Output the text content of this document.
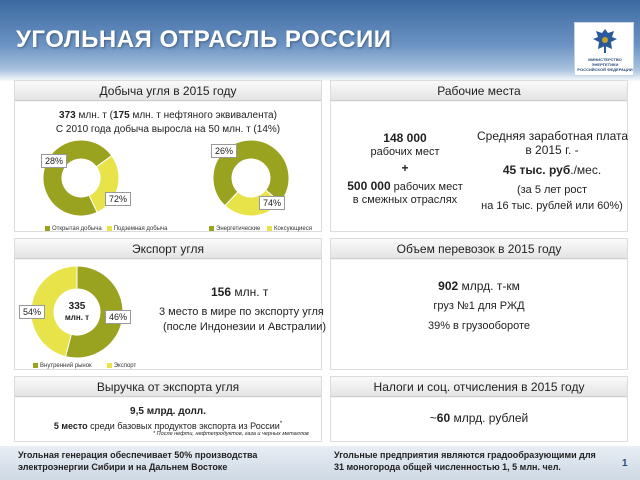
УГОЛЬНАЯ ОТРАСЛЬ РОССИИ
МИНИСТЕРСТВО ЭНЕРГЕТИКИ
РОССИЙСКОЙ ФЕДЕРАЦИИ
Добыча угля в 2015 году
373 млн. т (175 млн. т нефтяного эквивалента)
С 2010 года добыча выросла на 50 млн. т (14%)
28%
72%
Открытая добыча Подземная добыча
26%
74%
Энергетические Коксующиеся
Рабочие места
148 000
рабочих мест
+
500 000 рабочих мест
в смежных отраслях
Средняя заработная плата
в 2015 г. -
45 тыс. руб./мес.
(за 5 лет рост
на 16 тыс. рублей или 60%)
Экспорт угля
335
млн. т
54%	46%
Внутренний рынок	Экспорт
156 млн. т
3 место в мире по экспорту угля
(после Индонезии и Австралии)
Объем перевозок в 2015 году
902 млрд. т-км
груз №1 для РЖД
39% в грузообороте
Выручка от экспорта угля
9,5 млрд. долл.
5 место среди базовых продуктов экспорта из России*
* После нефти, нефтепродуктов, газа и черных металлов
Налоги и соц. отчисления в 2015 году
~60 млрд. рублей
Угольная генерация обеспечивает 50% производства
электроэнергии Сибири и на Дальнем Востоке
Угольные предприятия являются градообразующими для
31 моногорода общей численностью 1, 5 млн. чел.	1
